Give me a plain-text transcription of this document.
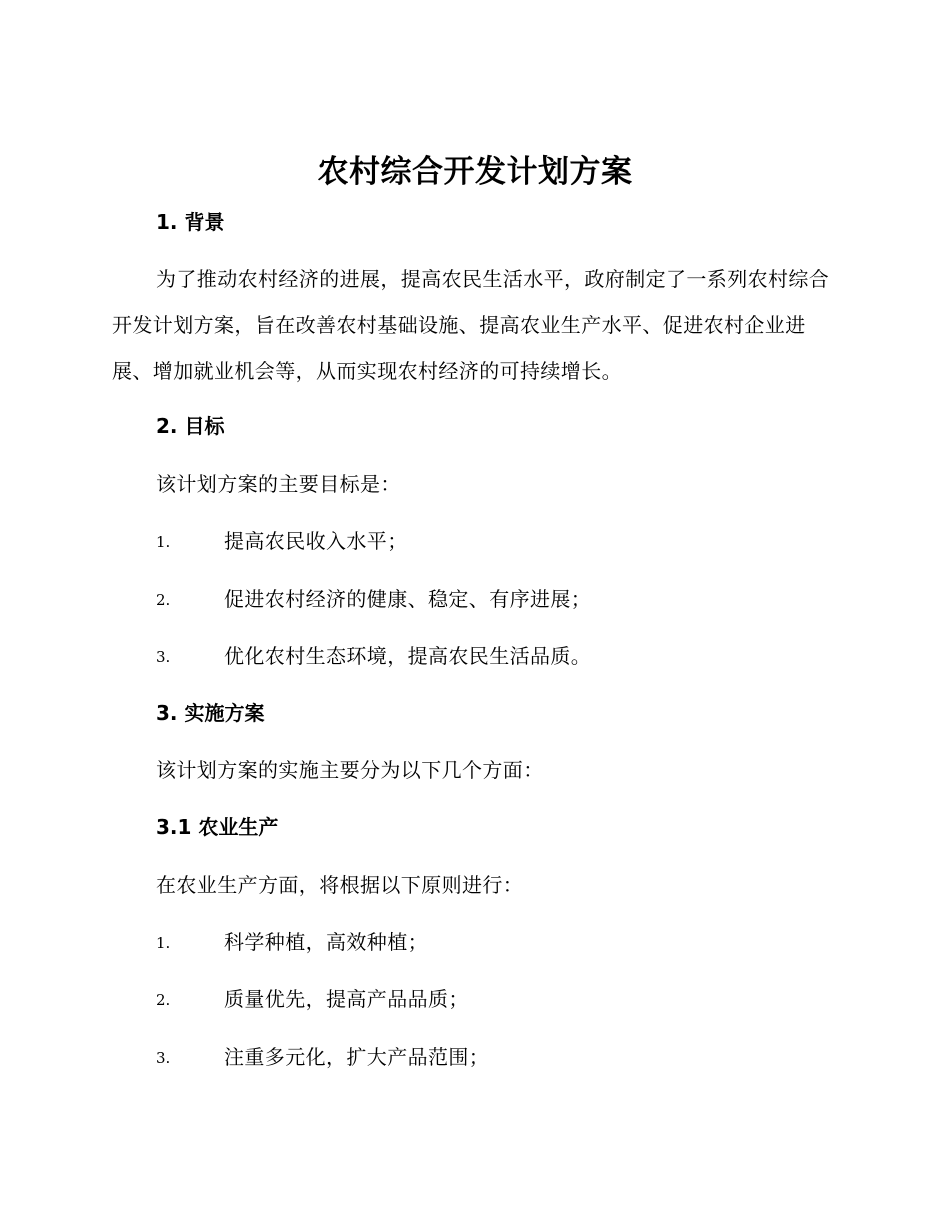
农村综合开发计划方案
1. 背景

为了推动农村经济的进展，提高农民生活水平，政府制定了一系列农村综合开发计划方案，旨在改善农村基础设施、提高农业生产水平、促进农村企业进展、增加就业机会等，从而实现农村经济的可持续增长。

2. 目标
该计划方案的主要目标是：
1.	提高农民收入水平；
2.	促进农村经济的健康、稳定、有序进展；
3.	优化农村生态环境，提高农民生活品质。
3. 实施方案
该计划方案的实施主要分为以下几个方面：
3.1 农业生产
在农业生产方面，将根据以下原则进行：
1.	科学种植，高效种植；
2.	质量优先，提高产品品质；
3.	注重多元化，扩大产品范围；
